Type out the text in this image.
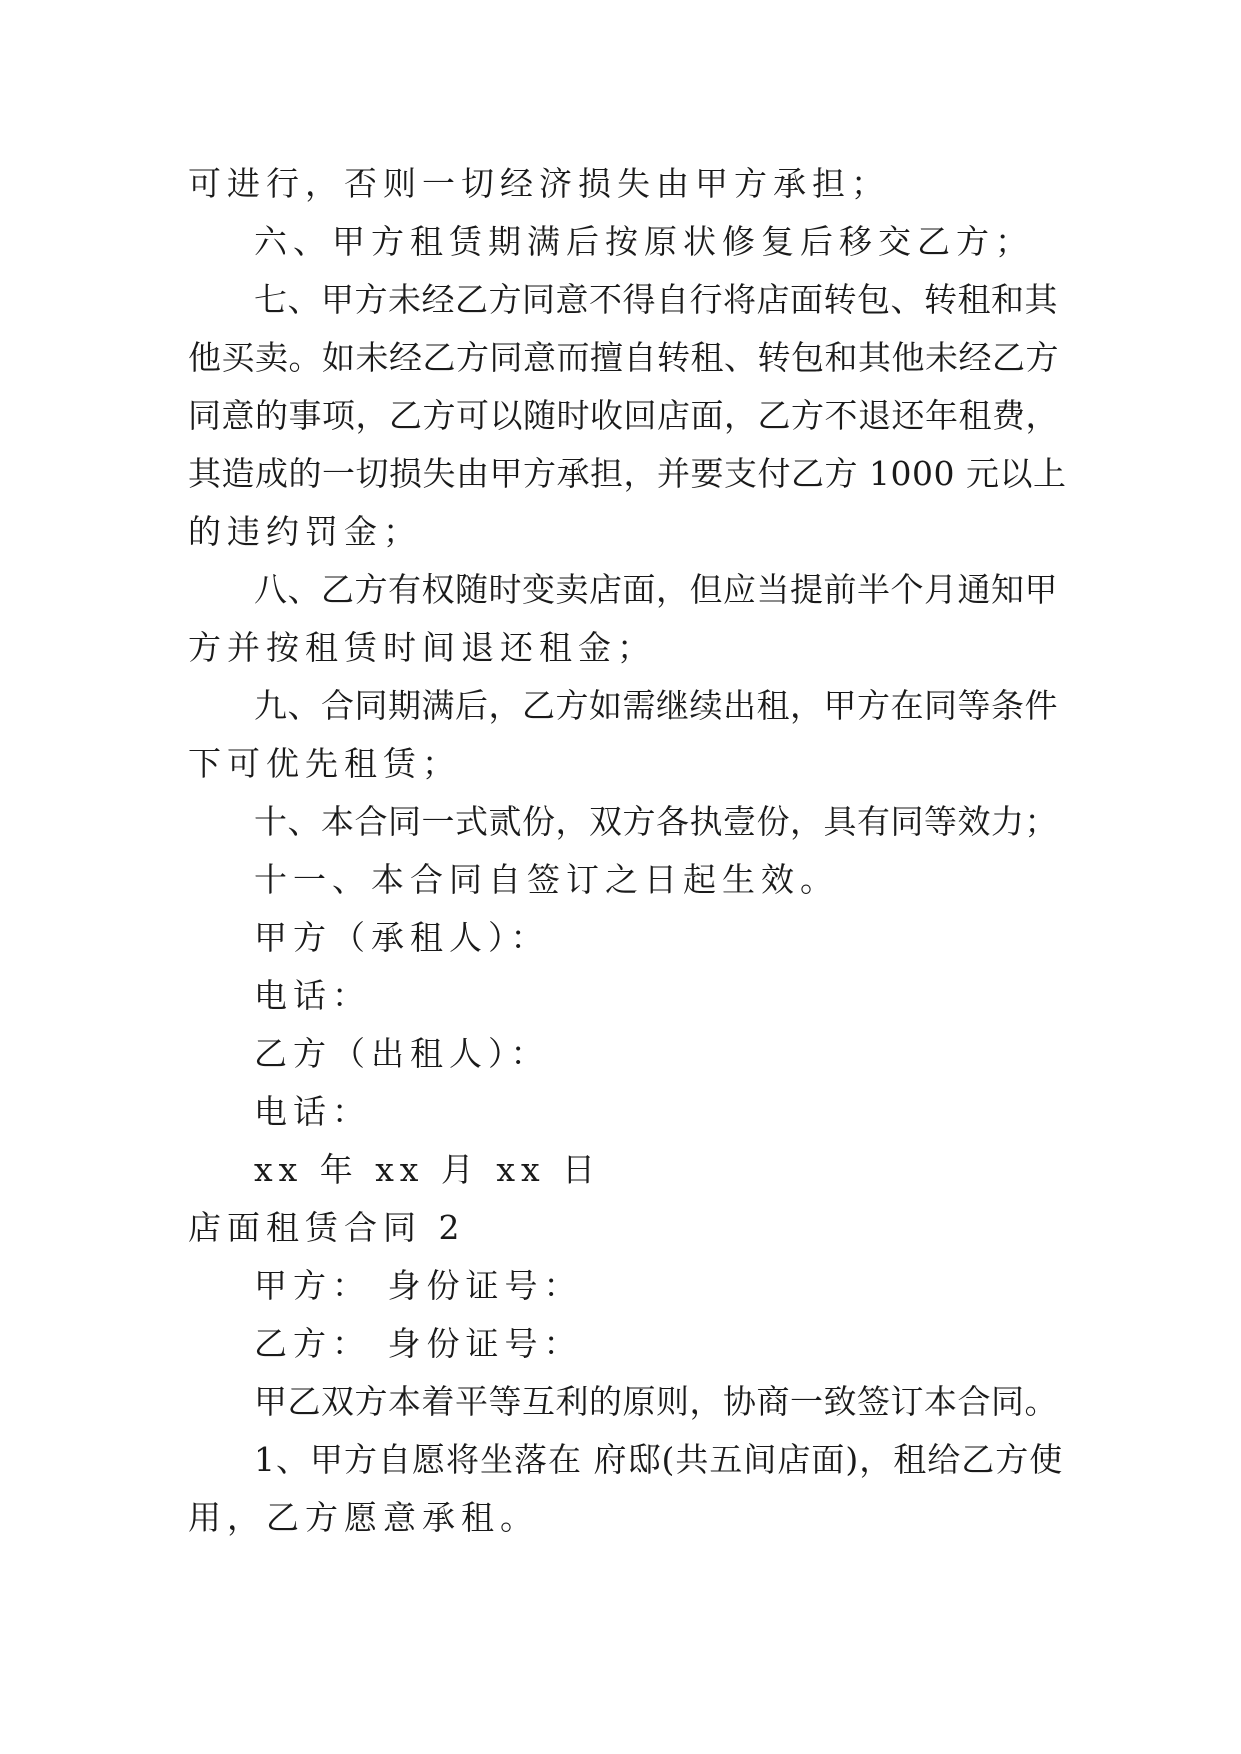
可进行，否则一切经济损失由甲方承担；
六、甲方租赁期满后按原状修复后移交乙方；
七、甲方未经乙方同意不得自行将店面转包、转租和其
他买卖。如未经乙方同意而擅自转租、转包和其他未经乙方
同意的事项，乙方可以随时收回店面，乙方不退还年租费，
其造成的一切损失由甲方承担，并要支付乙方 1000 元以上
的违约罚金；
八、乙方有权随时变卖店面，但应当提前半个月通知甲
方并按租赁时间退还租金；
九、合同期满后，乙方如需继续出租，甲方在同等条件
下可优先租赁；
十、本合同一式贰份，双方各执壹份，具有同等效力；
十一、本合同自签订之日起生效。
甲方（承租人）：
电话：
乙方（出租人）：
电话：
xx 年 xx 月 xx 日
店面租赁合同 2
甲方： 身份证号：
乙方： 身份证号：
甲乙双方本着平等互利的原则，协商一致签订本合同。
1、甲方自愿将坐落在 府邸(共五间店面)，租给乙方使
用，乙方愿意承租。
